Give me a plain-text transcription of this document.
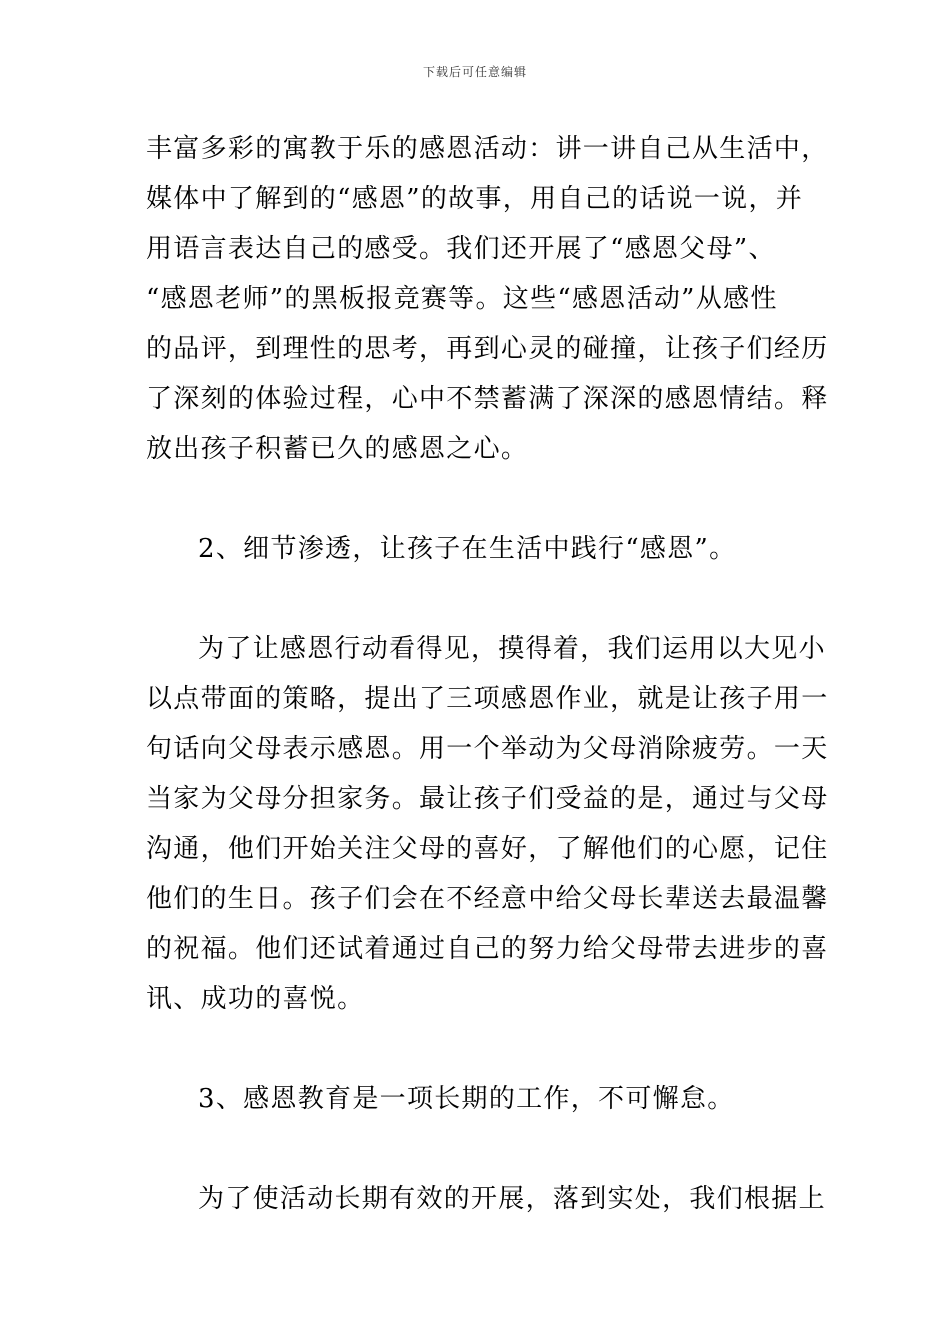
下载后可任意编辑
丰富多彩的寓教于乐的感恩活动：讲一讲自己从生活中，
媒体中了解到的“感恩”的故事，用自己的话说一说，并
用语言表达自己的感受。我们还开展了“感恩父母”、
“感恩老师”的黑板报竞赛等。这些“感恩活动”从感性
的品评，到理性的思考，再到心灵的碰撞，让孩子们经历
了深刻的体验过程，心中不禁蓄满了深深的感恩情结。释
放出孩子积蓄已久的感恩之心。
2、细节渗透，让孩子在生活中践行“感恩”。
为了让感恩行动看得见，摸得着，我们运用以大见小
以点带面的策略，提出了三项感恩作业，就是让孩子用一
句话向父母表示感恩。用一个举动为父母消除疲劳。一天
当家为父母分担家务。最让孩子们受益的是，通过与父母
沟通，他们开始关注父母的喜好，了解他们的心愿，记住
他们的生日。孩子们会在不经意中给父母长辈送去最温馨
的祝福。他们还试着通过自己的努力给父母带去进步的喜
讯、成功的喜悦。
3、感恩教育是一项长期的工作，不可懈怠。
为了使活动长期有效的开展，落到实处，我们根据上
